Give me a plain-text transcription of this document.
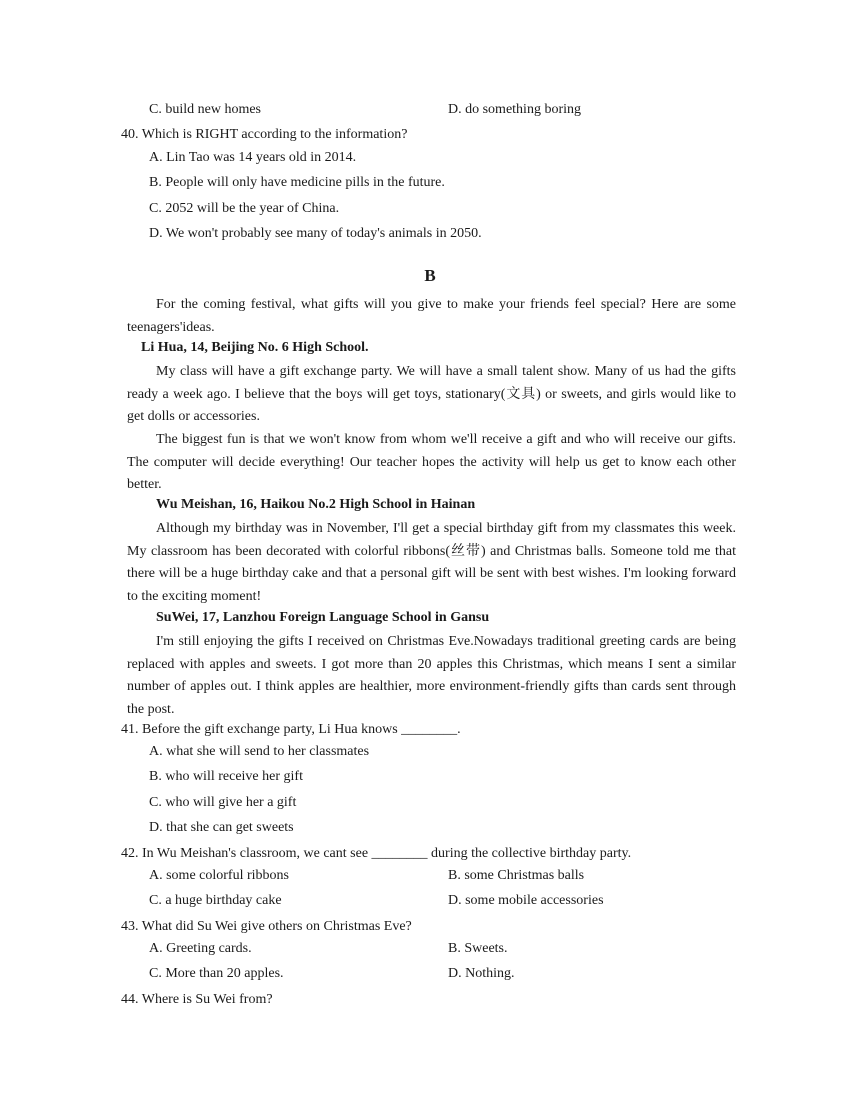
C. build new homes	D. do something boring
40. Which is RIGHT according to the information?
A. Lin Tao was 14 years old in 2014.
B. People will only have medicine pills in the future.
C. 2052 will be the year of China.
D. We won't probably see many of today's animals in 2050.
B
For the coming festival, what gifts will you give to make your friends feel special? Here are some teenagers'ideas.
Li Hua, 14, Beijing No. 6 High School.
My class will have a gift exchange party. We will have a small talent show. Many of us had the gifts ready a week ago. I believe that the boys will get toys, stationary(文具) or sweets, and girls would like to get dolls or accessories.
The biggest fun is that we won't know from whom we'll receive a gift and who will receive our gifts. The computer will decide everything! Our teacher hopes the activity will help us get to know each other better.
Wu Meishan, 16, Haikou No.2 High School in Hainan
Although my birthday was in November, I'll get a special birthday gift from my classmates this week. My classroom has been decorated with colorful ribbons(丝带) and Christmas balls. Someone told me that there will be a huge birthday cake and that a personal gift will be sent with best wishes. I'm looking forward to the exciting moment!
SuWei, 17, Lanzhou Foreign Language School in Gansu
I'm still enjoying the gifts I received on Christmas Eve.Nowadays traditional greeting cards are being replaced with apples and sweets. I got more than 20 apples this Christmas, which means I sent a similar number of apples out. I think apples are healthier, more environment-friendly gifts than cards sent through the post.
41. Before the gift exchange party, Li Hua knows ________.
A. what she will send to her classmates
B. who will receive her gift
C. who will give her a gift
D. that she can get sweets
42. In Wu Meishan's classroom, we cant see ________ during the collective birthday party.
A. some colorful ribbons	B. some Christmas balls
C. a huge birthday cake	D. some mobile accessories
43. What did Su Wei give others on Christmas Eve?
A. Greeting cards.	B. Sweets.
C. More than 20 apples.	D. Nothing.
44. Where is Su Wei from?
